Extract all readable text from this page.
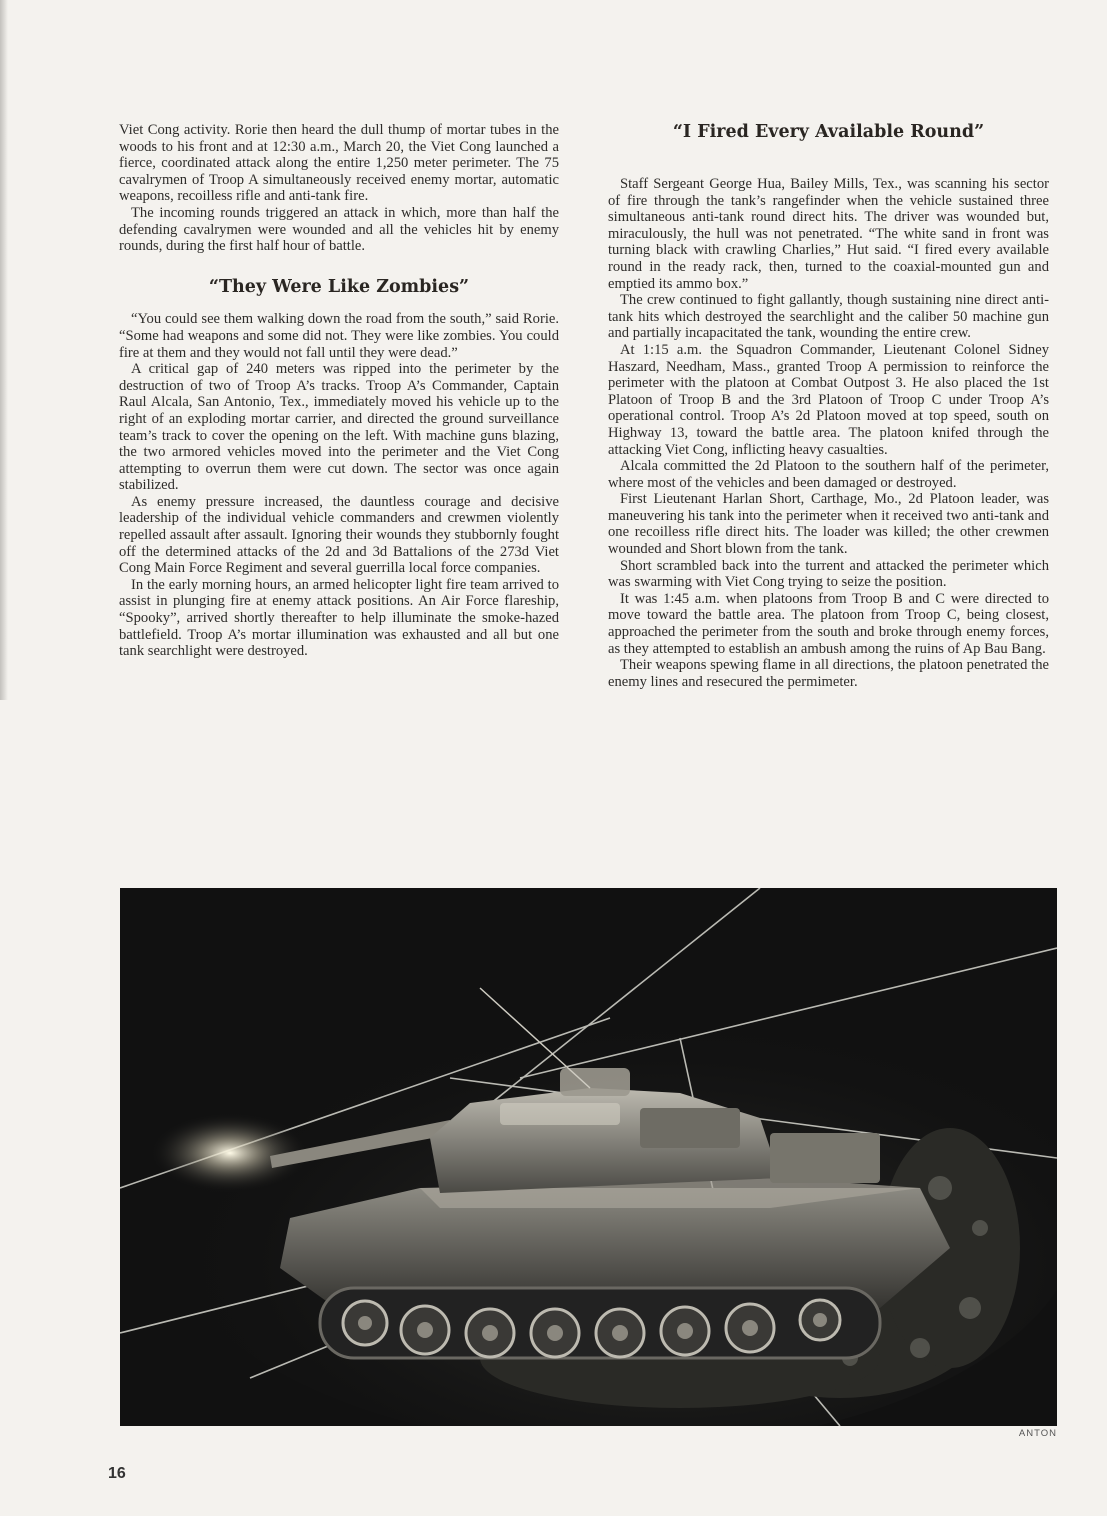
Viet Cong activity. Rorie then heard the dull thump of mortar tubes in the woods to his front and at 12:30 a.m., March 20, the Viet Cong launched a fierce, coordinated attack along the entire 1,250 meter perimeter. The 75 cavalrymen of Troop A simultaneously received enemy mortar, automatic weapons, recoilless rifle and anti-tank fire.

The incoming rounds triggered an attack in which, more than half the defending cavalrymen were wounded and all the vehicles hit by enemy rounds, during the first half hour of battle.

“They Were Like Zombies”

“You could see them walking down the road from the south,” said Rorie. “Some had weapons and some did not. They were like zombies. You could fire at them and they would not fall until they were dead.”

A critical gap of 240 meters was ripped into the perimeter by the destruction of two of Troop A’s tracks. Troop A’s Commander, Captain Raul Alcala, San Antonio, Tex., immediately moved his vehicle up to the right of an exploding mortar carrier, and directed the ground surveillance team’s track to cover the opening on the left. With machine guns blazing, the two armored vehicles moved into the perimeter and the Viet Cong attempting to overrun them were cut down. The sector was once again stabilized.

As enemy pressure increased, the dauntless courage and decisive leadership of the individual vehicle commanders and crewmen violently repelled assault after assault. Ignoring their wounds they stubbornly fought off the determined attacks of the 2d and 3d Battalions of the 273d Viet Cong Main Force Regiment and several guerrilla local force companies.

In the early morning hours, an armed helicopter light fire team arrived to assist in plunging fire at enemy attack positions. An Air Force flareship, “Spooky”, arrived shortly thereafter to help illuminate the smoke-hazed battlefield. Troop A’s mortar illumination was exhausted and all but one tank searchlight were destroyed.

“I Fired Every Available Round”

Staff Sergeant George Hua, Bailey Mills, Tex., was scanning his sector of fire through the tank’s rangefinder when the vehicle sustained three simultaneous anti-tank round direct hits. The driver was wounded but, miraculously, the hull was not penetrated. “The white sand in front was turning black with crawling Charlies,” Hut said. “I fired every available round in the ready rack, then, turned to the coaxial-mounted gun and emptied its ammo box.”

The crew continued to fight gallantly, though sustaining nine direct anti-tank hits which destroyed the searchlight and the caliber 50 machine gun and partially incapacitated the tank, wounding the entire crew.

At 1:15 a.m. the Squadron Commander, Lieutenant Colonel Sidney Haszard, Needham, Mass., granted Troop A permission to reinforce the perimeter with the platoon at Combat Outpost 3. He also placed the 1st Platoon of Troop B and the 3rd Platoon of Troop C under Troop A’s operational control. Troop A’s 2d Platoon moved at top speed, south on Highway 13, toward the battle area. The platoon knifed through the attacking Viet Cong, inflicting heavy casualties.

Alcala committed the 2d Platoon to the southern half of the perimeter, where most of the vehicles and been damaged or destroyed.

First Lieutenant Harlan Short, Carthage, Mo., 2d Platoon leader, was maneuvering his tank into the perimeter when it received two anti-tank and one recoilless rifle direct hits. The loader was killed; the other crewmen wounded and Short blown from the tank.

Short scrambled back into the turrent and attacked the perimeter which was swarming with Viet Cong trying to seize the position.

It was 1:45 a.m. when platoons from Troop B and C were directed to move toward the battle area. The platoon from Troop C, being closest, approached the perimeter from the south and broke through enemy forces, as they attempted to establish an ambush among the ruins of Ap Bau Bang.

Their weapons spewing flame in all directions, the platoon penetrated the enemy lines and resecured the permimeter.

ANTON
16
